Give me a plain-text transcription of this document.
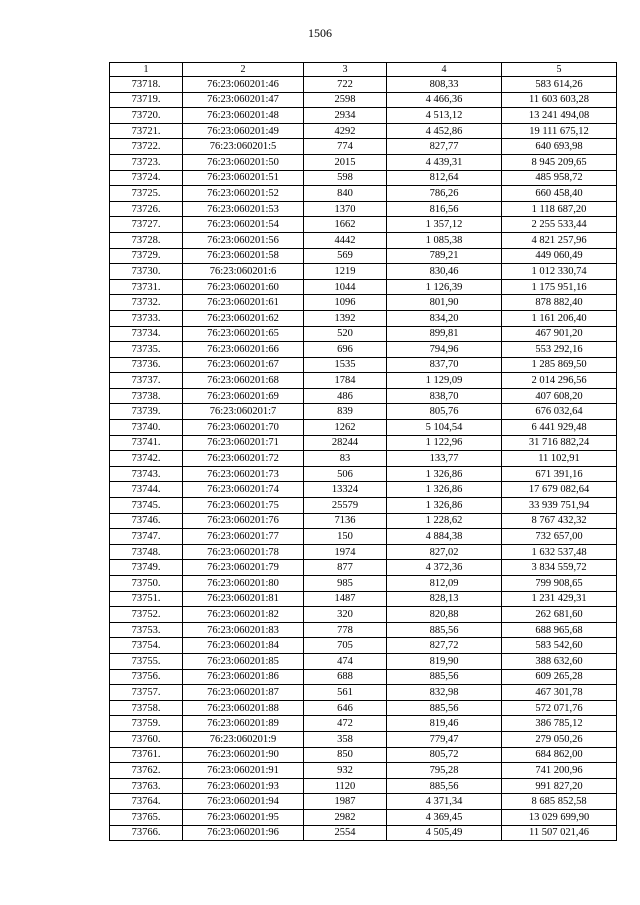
1506
1	2	3	4	5
73718.	76:23:060201:46	722	808,33	583 614,26
73719.	76:23:060201:47	2598	4 466,36	11 603 603,28
73720.	76:23:060201:48	2934	4 513,12	13 241 494,08
73721.	76:23:060201:49	4292	4 452,86	19 111 675,12
73722.	76:23:060201:5	774	827,77	640 693,98
73723.	76:23:060201:50	2015	4 439,31	8 945 209,65
73724.	76:23:060201:51	598	812,64	485 958,72
73725.	76:23:060201:52	840	786,26	660 458,40
73726.	76:23:060201:53	1370	816,56	1 118 687,20
73727.	76:23:060201:54	1662	1 357,12	2 255 533,44
73728.	76:23:060201:56	4442	1 085,38	4 821 257,96
73729.	76:23:060201:58	569	789,21	449 060,49
73730.	76:23:060201:6	1219	830,46	1 012 330,74
73731.	76:23:060201:60	1044	1 126,39	1 175 951,16
73732.	76:23:060201:61	1096	801,90	878 882,40
73733.	76:23:060201:62	1392	834,20	1 161 206,40
73734.	76:23:060201:65	520	899,81	467 901,20
73735.	76:23:060201:66	696	794,96	553 292,16
73736.	76:23:060201:67	1535	837,70	1 285 869,50
73737.	76:23:060201:68	1784	1 129,09	2 014 296,56
73738.	76:23:060201:69	486	838,70	407 608,20
73739.	76:23:060201:7	839	805,76	676 032,64
73740.	76:23:060201:70	1262	5 104,54	6 441 929,48
73741.	76:23:060201:71	28244	1 122,96	31 716 882,24
73742.	76:23:060201:72	83	133,77	11 102,91
73743.	76:23:060201:73	506	1 326,86	671 391,16
73744.	76:23:060201:74	13324	1 326,86	17 679 082,64
73745.	76:23:060201:75	25579	1 326,86	33 939 751,94
73746.	76:23:060201:76	7136	1 228,62	8 767 432,32
73747.	76:23:060201:77	150	4 884,38	732 657,00
73748.	76:23:060201:78	1974	827,02	1 632 537,48
73749.	76:23:060201:79	877	4 372,36	3 834 559,72
73750.	76:23:060201:80	985	812,09	799 908,65
73751.	76:23:060201:81	1487	828,13	1 231 429,31
73752.	76:23:060201:82	320	820,88	262 681,60
73753.	76:23:060201:83	778	885,56	688 965,68
73754.	76:23:060201:84	705	827,72	583 542,60
73755.	76:23:060201:85	474	819,90	388 632,60
73756.	76:23:060201:86	688	885,56	609 265,28
73757.	76:23:060201:87	561	832,98	467 301,78
73758.	76:23:060201:88	646	885,56	572 071,76
73759.	76:23:060201:89	472	819,46	386 785,12
73760.	76:23:060201:9	358	779,47	279 050,26
73761.	76:23:060201:90	850	805,72	684 862,00
73762.	76:23:060201:91	932	795,28	741 200,96
73763.	76:23:060201:93	1120	885,56	991 827,20
73764.	76:23:060201:94	1987	4 371,34	8 685 852,58
73765.	76:23:060201:95	2982	4 369,45	13 029 699,90
73766.	76:23:060201:96	2554	4 505,49	11 507 021,46
